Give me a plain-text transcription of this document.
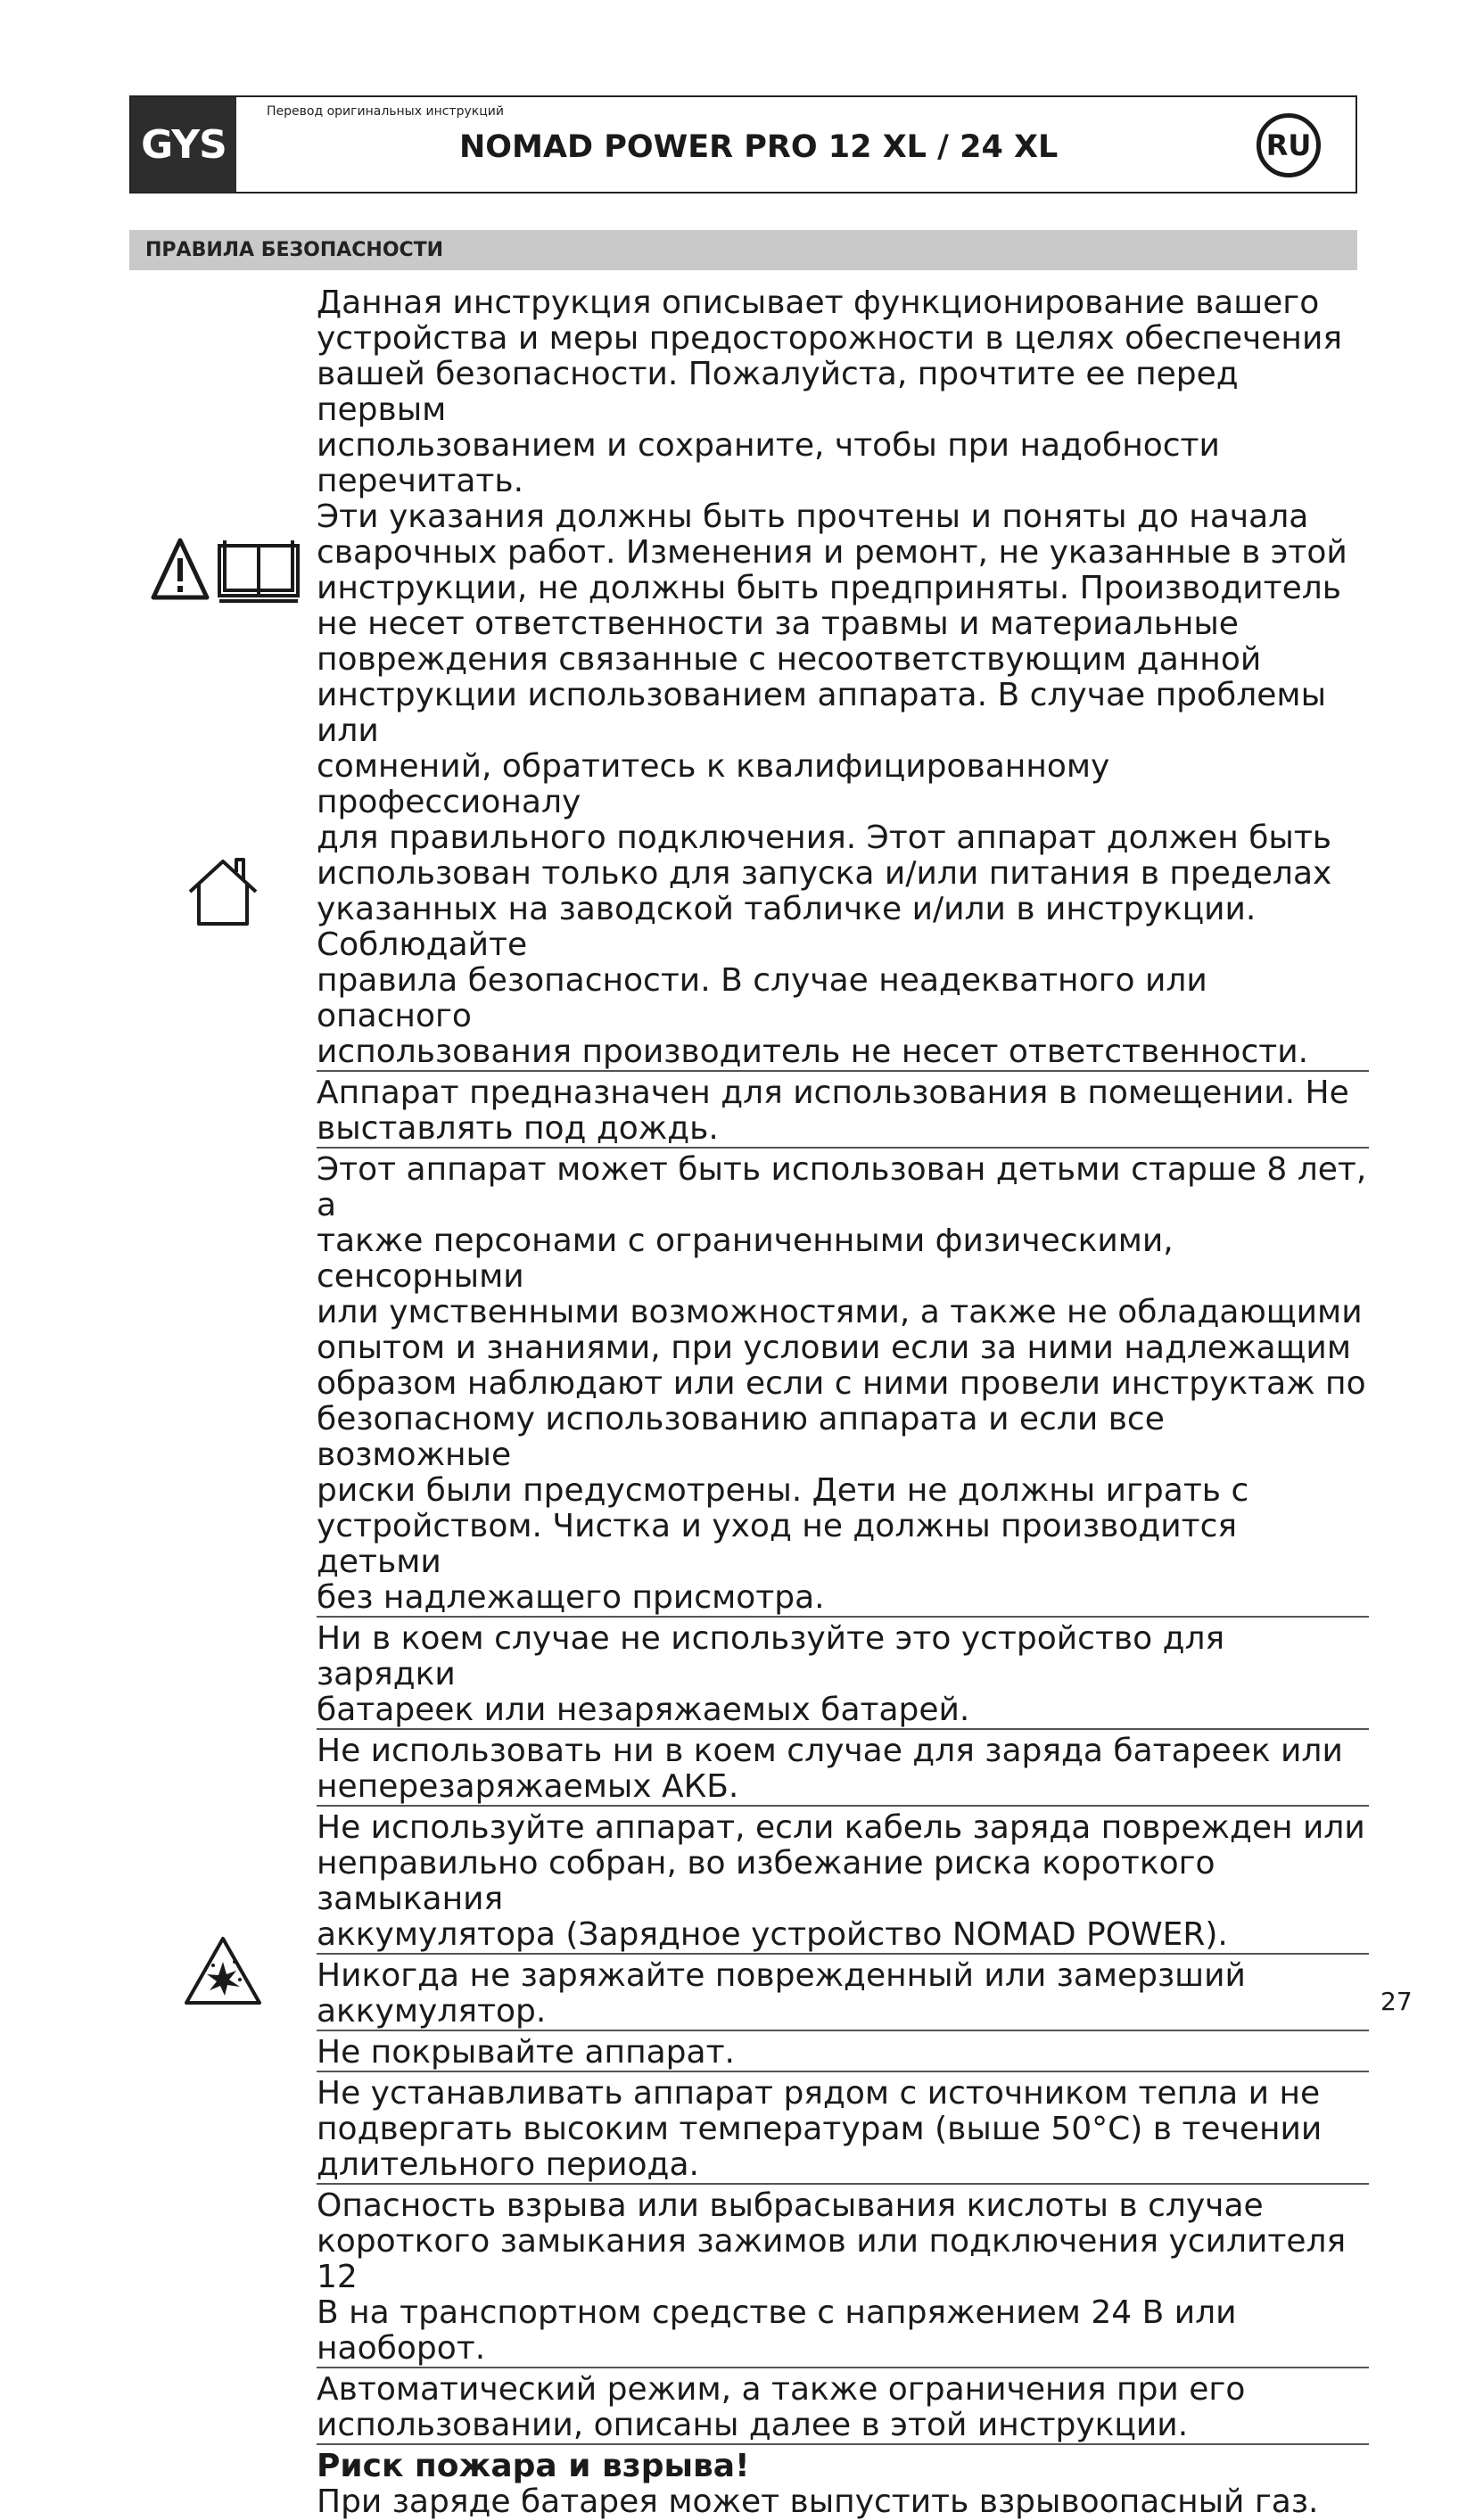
GYS
Перевод оригинальных инструкций
NOMAD POWER PRO 12 XL / 24 XL	RU
ПРАВИЛА БЕЗОПАСНОСТИ

Данная инструкция описывает функционирование вашего
устройства и меры предосторожности в целях обеспечения
вашей безопасности. Пожалуйста, прочтите ее перед первым
использованием и сохраните, чтобы при надобности перечитать.
Эти указания должны быть прочтены и поняты до начала
сварочных работ. Изменения и ремонт, не указанные в этой
инструкции, не должны быть предприняты. Производитель
не несет ответственности за травмы и материальные
повреждения связанные с несоответствующим данной
инструкции использованием аппарата. В случае проблемы или
сомнений, обратитесь к квалифицированному профессионалу
для правильного подключения. Этот аппарат должен быть
использован только для запуска и/или питания в пределах
указанных на заводской табличке и/или в инструкции. Соблюдайте
правила безопасности. В случае неадекватного или опасного
использования производитель не несет ответственности.

Аппарат предназначен для использования в помещении. Не
выставлять под дождь.

Этот аппарат может быть использован детьми старше 8 лет, а
также персонами с ограниченными физическими, сенсорными
или умственными возможностями, а также не обладающими
опытом и знаниями, при условии если за ними надлежащим
образом наблюдают или если с ними провели инструктаж по
безопасному использованию аппарата и если все возможные
риски были предусмотрены. Дети не должны играть с
устройством. Чистка и уход не должны производится детьми
без надлежащего присмотра.

Ни в коем случае не используйте это устройство для зарядки
батареек или незаряжаемых батарей.

Не использовать ни в коем случае для заряда батареек или
неперезаряжаемых АКБ.

Не используйте аппарат, если кабель заряда поврежден или
неправильно собран, во избежание риска короткого замыкания
аккумулятора (Зарядное устройство NOMAD POWER).

Никогда не заряжайте поврежденный или замерзший
аккумулятор.

Не покрывайте аппарат.

Не устанавливать аппарат рядом с источником тепла и не
подвергать высоким температурам (выше 50°C) в течении
длительного периода.

Опасность взрыва или выбрасывания кислоты в случае
короткого замыкания зажимов или подключения усилителя 12
В на транспортном средстве с напряжением 24 В или наоборот.

Автоматический режим, а также ограничения при его
использовании, описаны далее в этой инструкции.

Риск пожара и взрыва!

При заряде батарея может выпустить взрывоопасный газ.

27
